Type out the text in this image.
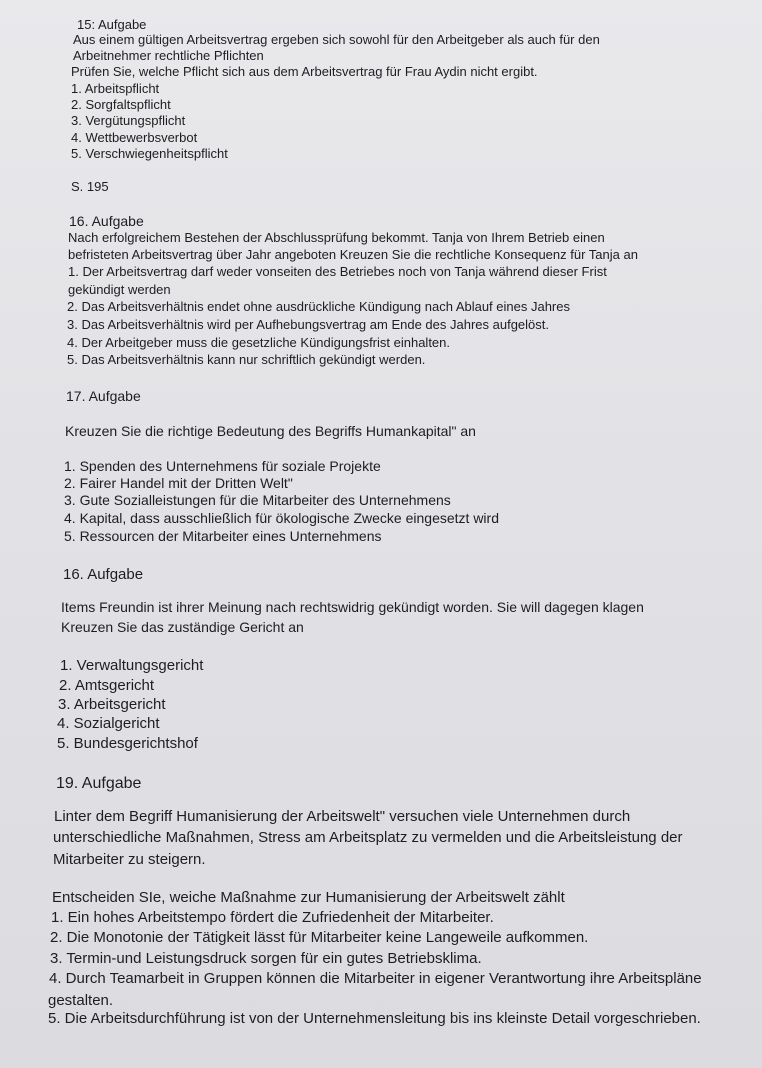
15: Aufgabe
Aus einem gültigen Arbeitsvertrag ergeben sich sowohl für den Arbeitgeber als auch für den
Arbeitnehmer rechtliche Pflichten
Prüfen Sie, welche Pflicht sich aus dem Arbeitsvertrag für Frau Aydin nicht ergibt.
1. Arbeitspflicht
2. Sorgfaltspflicht
3. Vergütungspflicht
4. Wettbewerbsverbot
5. Verschwiegenheitspflicht
S. 195
16. Aufgabe
Nach erfolgreichem Bestehen der Abschlussprüfung bekommt. Tanja von Ihrem Betrieb einen
befristeten Arbeitsvertrag über Jahr angeboten Kreuzen Sie die rechtliche Konsequenz für Tanja an
1. Der Arbeitsvertrag darf weder vonseiten des Betriebes noch von Tanja während dieser Frist
gekündigt werden
2. Das Arbeitsverhältnis endet ohne ausdrückliche Kündigung nach Ablauf eines Jahres
3. Das Arbeitsverhältnis wird per Aufhebungsvertrag am Ende des Jahres aufgelöst.
4. Der Arbeitgeber muss die gesetzliche Kündigungsfrist einhalten.
5. Das Arbeitsverhältnis kann nur schriftlich gekündigt werden.
17. Aufgabe
Kreuzen Sie die richtige Bedeutung des Begriffs Humankapital" an
1. Spenden des Unternehmens für soziale Projekte
2. Fairer Handel mit der Dritten Welt"
3. Gute Sozialleistungen für die Mitarbeiter des Unternehmens
4. Kapital, dass ausschließlich für ökologische Zwecke eingesetzt wird
5. Ressourcen der Mitarbeiter eines Unternehmens
16. Aufgabe
Items Freundin ist ihrer Meinung nach rechtswidrig gekündigt worden. Sie will dagegen klagen
Kreuzen Sie das zuständige Gericht an
1. Verwaltungsgericht
2. Amtsgericht
3. Arbeitsgericht
4. Sozialgericht
5. Bundesgerichtshof
19. Aufgabe
Linter dem Begriff Humanisierung der Arbeitswelt" versuchen viele Unternehmen durch
unterschiedliche Maßnahmen, Stress am Arbeitsplatz zu vermelden und die Arbeitsleistung der
Mitarbeiter zu steigern.
Entscheiden SIe, weiche Maßnahme zur Humanisierung der Arbeitswelt zählt
1. Ein hohes Arbeitstempo fördert die Zufriedenheit der Mitarbeiter.
2. Die Monotonie der Tätigkeit lässt für Mitarbeiter keine Langeweile aufkommen.
3. Termin-und Leistungsdruck sorgen für ein gutes Betriebsklima.
4. Durch Teamarbeit in Gruppen können die Mitarbeiter in eigener Verantwortung ihre Arbeitspläne
gestalten.
5. Die Arbeitsdurchführung ist von der Unternehmensleitung bis ins kleinste Detail vorgeschrieben.
